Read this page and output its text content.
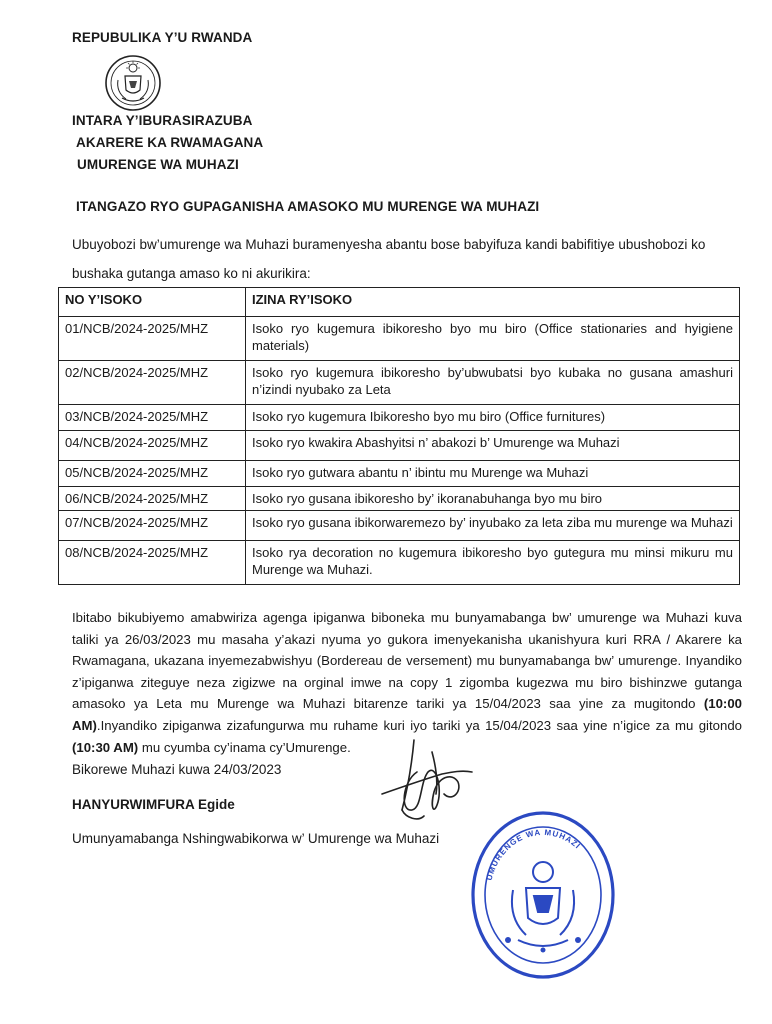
REPUBULIKA Y’U RWANDA
INTARA Y’IBURASIRAZUBA
AKARERE KA RWAMAGANA
UMURENGE WA MUHAZI
ITANGAZO RYO GUPAGANISHA AMASOKO MU MURENGE WA MUHAZI
Ubuyobozi bw’umurenge wa Muhazi buramenyesha abantu bose babyifuza kandi babifitiye ubushobozi ko
bushaka gutanga amaso ko ni akurikira:
NO Y’ISOKO	IZINA RY’ISOKO
01/NCB/2024-2025/MHZ	Isoko ryo kugemura ibikoresho byo mu biro (Office stationaries and hyigiene materials)
02/NCB/2024-2025/MHZ	Isoko ryo kugemura ibikoresho by’ubwubatsi byo kubaka no gusana amashuri n’izindi nyubako za Leta
03/NCB/2024-2025/MHZ	Isoko ryo kugemura Ibikoresho byo mu biro (Office furnitures)
04/NCB/2024-2025/MHZ	Isoko ryo kwakira Abashyitsi n’ abakozi b’ Umurenge wa Muhazi
05/NCB/2024-2025/MHZ	Isoko ryo gutwara abantu n’ ibintu mu Murenge wa Muhazi
06/NCB/2024-2025/MHZ	Isoko ryo gusana ibikoresho by’ ikoranabuhanga byo mu biro
07/NCB/2024-2025/MHZ	Isoko ryo gusana ibikorwaremezo by’ inyubako za leta ziba mu murenge wa Muhazi
08/NCB/2024-2025/MHZ	Isoko rya decoration no kugemura ibikoresho byo gutegura mu minsi mikuru mu Murenge wa Muhazi.
Ibitabo bikubiyemo amabwiriza agenga ipiganwa biboneka mu bunyamabanga bw’ umurenge wa Muhazi kuva taliki ya 26/03/2023 mu masaha y’akazi nyuma yo gukora imenyekanisha ukanishyura kuri RRA / Akarere ka Rwamagana, ukazana inyemezabwishyu (Bordereau de versement) mu bunyamabanga bw’ umurenge. Inyandiko z’ipiganwa ziteguye neza zigizwe na orginal imwe na copy 1 zigomba kugezwa mu biro bishinzwe gutanga amasoko ya Leta mu Murenge wa Muhazi bitarenze tariki ya 15/04/2023 saa yine za mugitondo (10:00 AM).Inyandiko zipiganwa zizafungurwa mu ruhame kuri iyo tariki ya 15/04/2023 saa yine n’igice za mu gitondo (10:30 AM) mu cyumba cy’inama cy’Umurenge.
Bikorewe Muhazi kuwa 24/03/2023
HANYURWIMFURA Egide
Umunyamabanga Nshingwabikorwa w’ Umurenge wa Muhazi
UMURENGE WA MUHAZI
